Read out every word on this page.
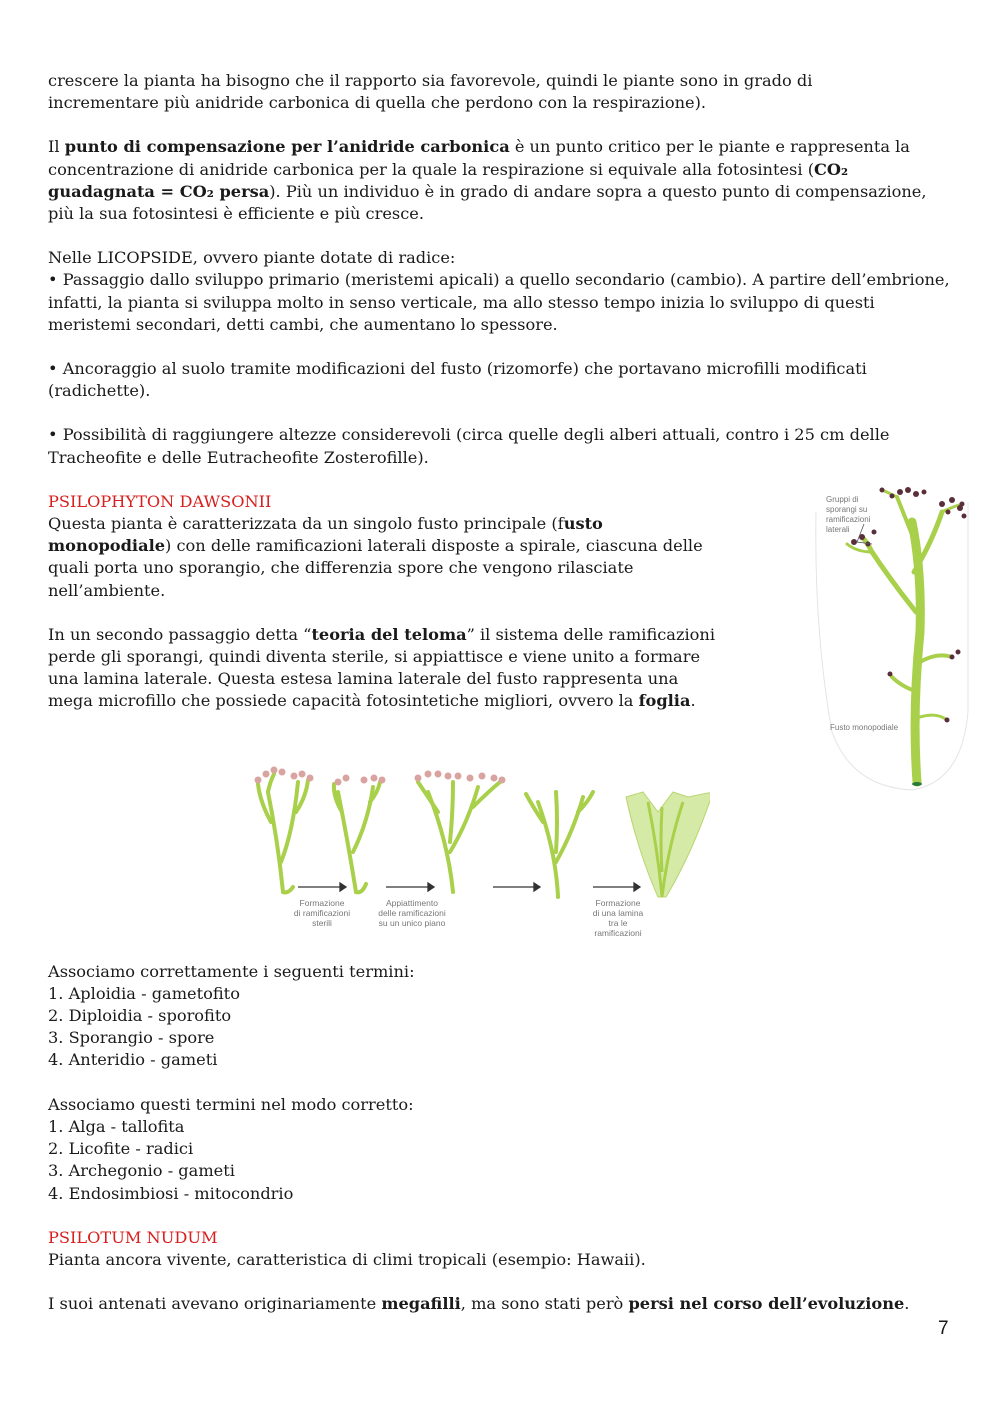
crescere la pianta ha bisogno che il rapporto sia favorevole, quindi le piante sono in grado di
incrementare più anidride carbonica di quella che perdono con la respirazione).

Il punto di compensazione per l’anidride carbonica è un punto critico per le piante e rappresenta la concentrazione di anidride carbonica per la quale la respirazione si equivale alla fotosintesi (CO₂ guadagnata = CO₂ persa). Più un individuo è in grado di andare sopra a questo punto di compensazione, più la sua fotosintesi è efficiente e più cresce.

Nelle LICOPSIDE, ovvero piante dotate di radice:

• Passaggio dallo sviluppo primario (meristemi apicali) a quello secondario (cambio). A partire dell’embrione, infatti, la pianta si sviluppa molto in senso verticale, ma allo stesso tempo inizia lo sviluppo di questi meristemi secondari, detti cambi, che aumentano lo spessore.

• Ancoraggio al suolo tramite modificazioni del fusto (rizomorfe) che portavano microfilli modificati (radichette).

• Possibilità di raggiungere altezze considerevoli (circa quelle degli alberi attuali, contro i 25 cm delle Tracheofite e delle Eutracheofite Zosterofille).

PSILOPHYTON DAWSONII

Questa pianta è caratterizzata da un singolo fusto principale (fusto monopodiale) con delle ramificazioni laterali disposte a spirale, ciascuna delle quali porta uno sporangio, che differenzia spore che vengono rilasciate nell’ambiente.

In un secondo passaggio detta “teoria del teloma” il sistema delle ramificazioni perde gli sporangi, quindi diventa sterile, si appiattisce e viene unito a formare una lamina laterale. Questa estesa lamina laterale del fusto rappresenta una mega microfillo che possiede capacità fotosintetiche migliori, ovvero la foglia.

Associamo correttamente i seguenti termini:

1. Aploidia - gametofito

2. Diploidia - sporofito

3. Sporangio - spore

4. Anteridio - gameti

Associamo questi termini nel modo corretto:

1. Alga - tallofita

2. Licofite - radici

3. Archegonio - gameti

4. Endosimbiosi - mitocondrio

PSILOTUM NUDUM

Pianta ancora vivente, caratteristica di climi tropicali (esempio: Hawaii).

I suoi antenati avevano originariamente megafilli, ma sono stati però persi nel corso dell’evoluzione.

Gruppi di
sporangi su
ramificazioni
laterali
Fusto monopodiale
Formazione
di ramificazioni
sterili
Appiattimento
delle ramificazioni
su un unico piano
Formazione
di una lamina
tra le
ramificazioni
7
